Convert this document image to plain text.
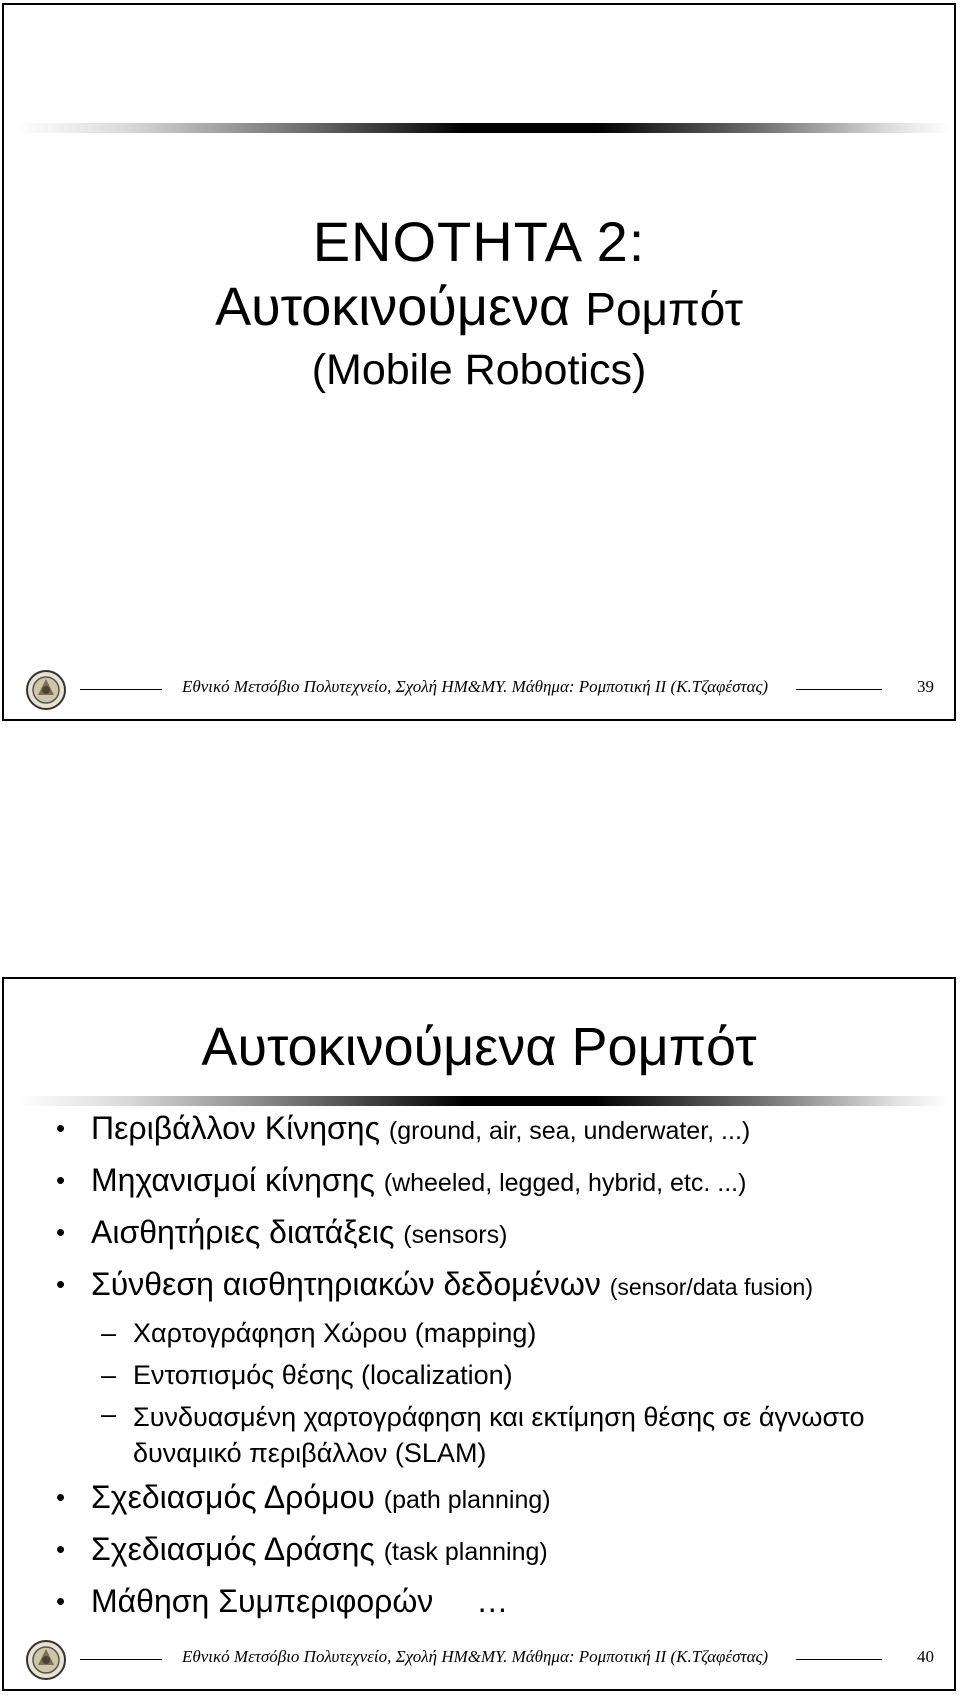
ΕΝΟΤΗΤΑ 2:
Αυτοκινούμενα Ρομπότ
(Mobile Robotics)
Εθνικό Μετσόβιο Πολυτεχνείο, Σχολή ΗΜ&ΜΥ. Μάθημα: Ρομποτική ΙΙ (Κ.Τζαφέστας)	39
Αυτοκινούμενα Ρομπότ
• Περιβάλλον Κίνησης (ground, air, sea, underwater, ...)
• Μηχανισμοί κίνησης (wheeled, legged, hybrid, etc. ...)
• Αισθητήριες διατάξεις (sensors)
• Σύνθεση αισθητηριακών δεδομένων (sensor/data fusion)
– Χαρτογράφηση Χώρου (mapping)
– Εντοπισμός θέσης (localization)
– Συνδυασμένη χαρτογράφηση και εκτίμηση θέσης σε άγνωστο δυναμικό περιβάλλον (SLAM)
• Σχεδιασμός Δρόμου (path planning)
• Σχεδιασμός Δράσης (task planning)
• Μάθηση Συμπεριφορών …
Εθνικό Μετσόβιο Πολυτεχνείο, Σχολή ΗΜ&ΜΥ. Μάθημα: Ρομποτική ΙΙ (Κ.Τζαφέστας)	40
